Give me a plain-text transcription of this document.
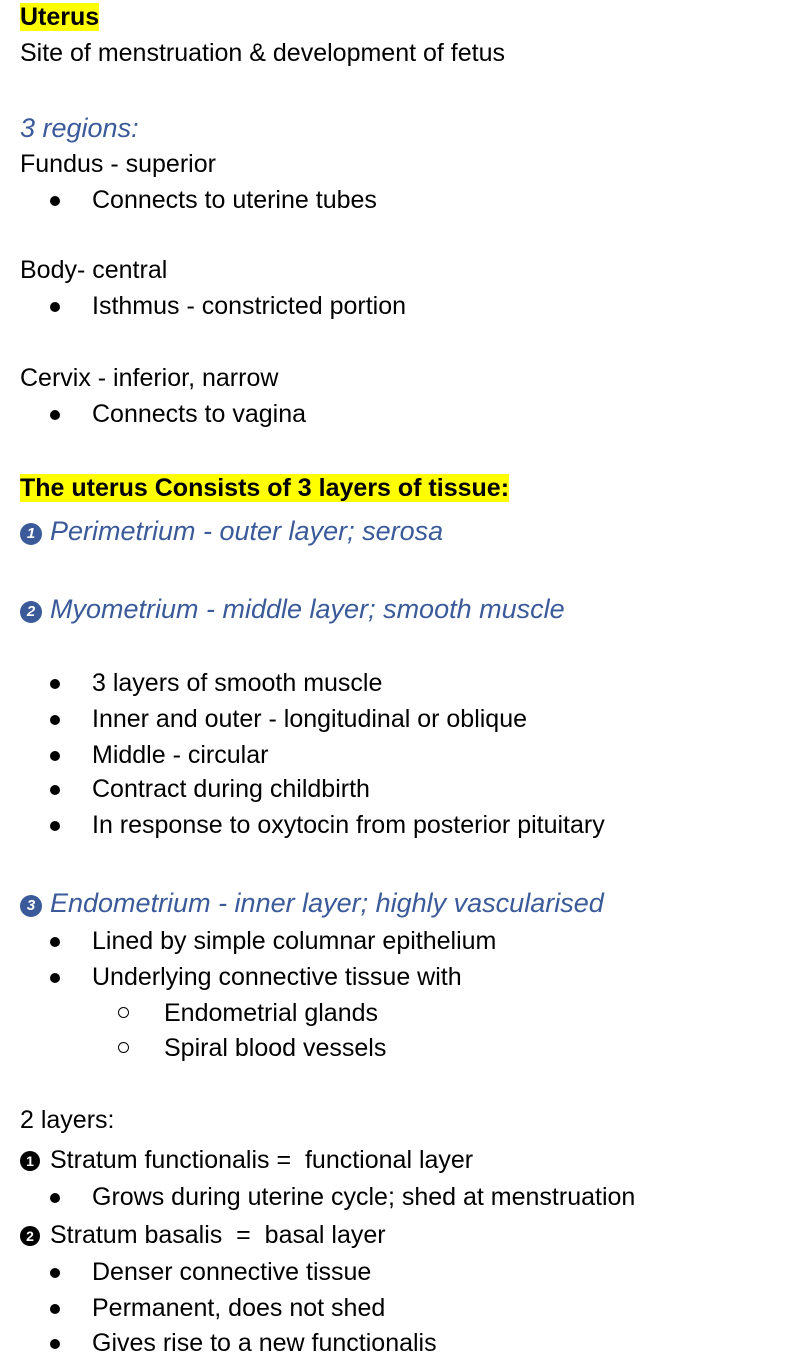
Uterus
Site of menstruation & development of fetus
3 regions:
Fundus - superior
Connects to uterine tubes
Body- central
Isthmus - constricted portion
Cervix - inferior, narrow
Connects to vagina
The uterus Consists of 3 layers of tissue:
1 Perimetrium - outer layer; serosa
2 Myometrium - middle layer; smooth muscle
3 layers of smooth muscle
Inner and outer - longitudinal or oblique
Middle - circular
Contract during childbirth
In response to oxytocin from posterior pituitary
3 Endometrium - inner layer; highly vascularised
Lined by simple columnar epithelium
Underlying connective tissue with
Endometrial glands
Spiral blood vessels
2 layers:
1 Stratum functionalis =  functional layer
Grows during uterine cycle; shed at menstruation
2 Stratum basalis  =  basal layer
Denser connective tissue
Permanent, does not shed
Gives rise to a new functionalis
